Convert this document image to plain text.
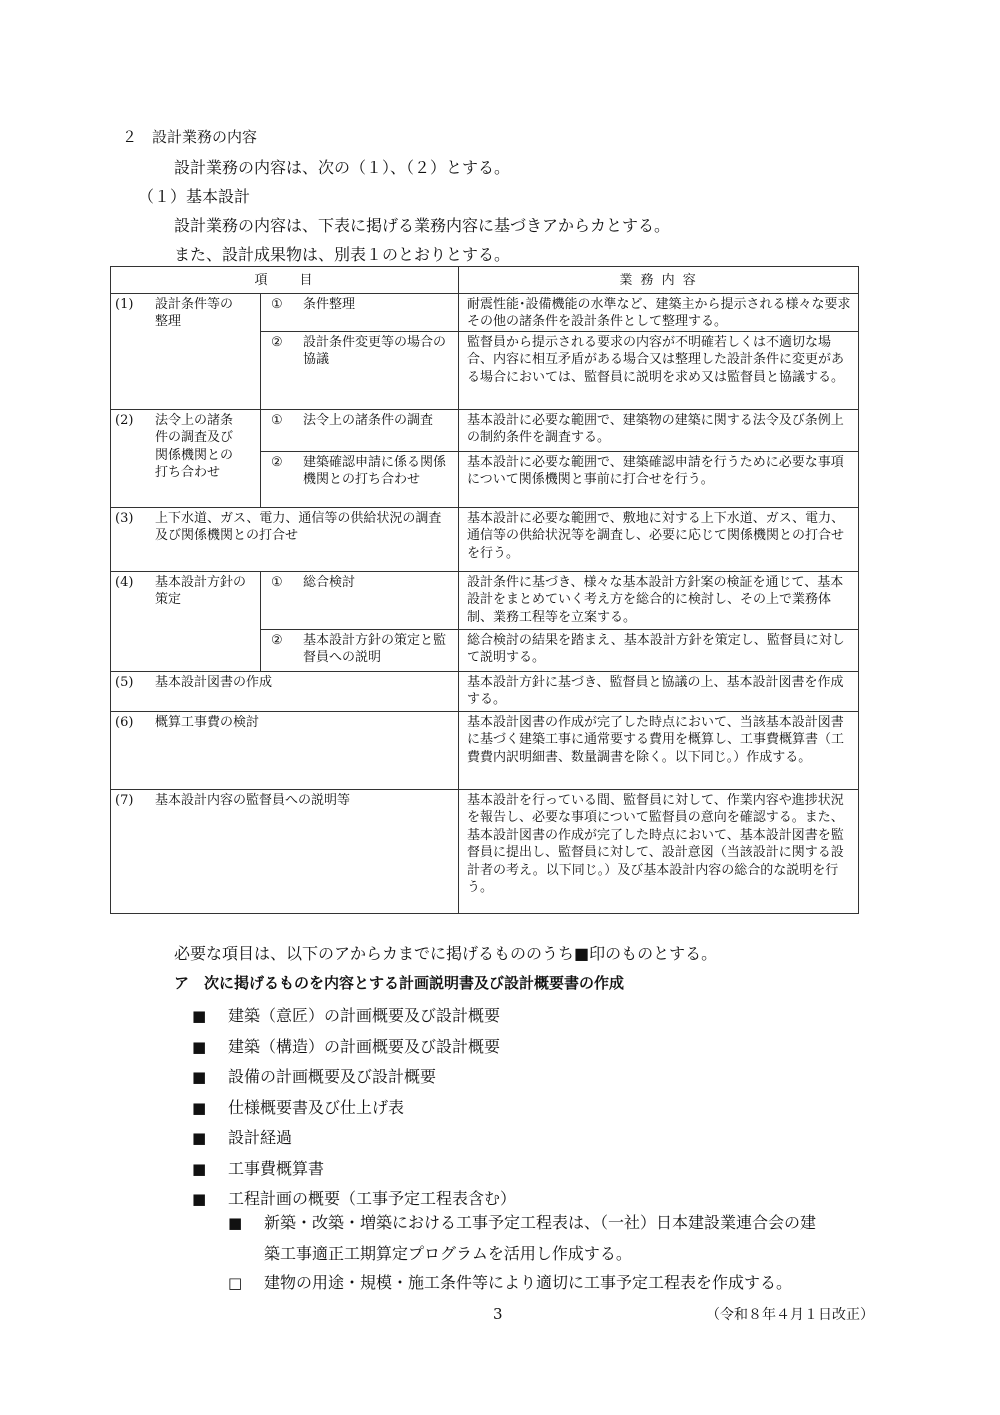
２　設計業務の内容
設計業務の内容は、次の（１）、（２）とする。
（１）基本設計
設計業務の内容は、下表に掲げる業務内容に基づきアからカとする。
また、設計成果物は、別表１のとおりとする。
項　　目		業 務 内 容

(1) 設計条件等の整理	① 条件整理	耐震性能･設備機能の水準など、建築主から提示される様々な要求その他の諸条件を設計条件として整理する。

	② 設計条件変更等の場合の協議	監督員から提示される要求の内容が不明確若しくは不適切な場合、内容に相互矛盾がある場合又は整理した設計条件に変更がある場合においては、監督員に説明を求め又は監督員と協議する。

(2) 法令上の諸条件の調査及び関係機関との打ち合わせ	① 法令上の諸条件の調査	基本設計に必要な範囲で、建築物の建築に関する法令及び条例上の制約条件を調査する。

	② 建築確認申請に係る関係機関との打ち合わせ	基本設計に必要な範囲で、建築確認申請を行うために必要な事項について関係機関と事前に打合せを行う。

(3) 上下水道、ガス、電力、通信等の供給状況の調査及び関係機関との打合せ		基本設計に必要な範囲で、敷地に対する上下水道、ガス、電力、通信等の供給状況等を調査し、必要に応じて関係機関との打合せを行う。

(4) 基本設計方針の策定	① 総合検討	設計条件に基づき、様々な基本設計方針案の検証を通じて、基本設計をまとめていく考え方を総合的に検討し、その上で業務体制、業務工程等を立案する。

	② 基本設計方針の策定と監督員への説明	総合検討の結果を踏まえ、基本設計方針を策定し、監督員に対して説明する。

(5) 基本設計図書の作成		基本設計方針に基づき、監督員と協議の上、基本設計図書を作成する。

(6) 概算工事費の検討		基本設計図書の作成が完了した時点において、当該基本設計図書に基づく建築工事に通常要する費用を概算し、工事費概算書（工費費内訳明細書、数量調書を除く。以下同じ。）作成する。

(7) 基本設計内容の監督員への説明等		基本設計を行っている間、監督員に対して、作業内容や進捗状況を報告し、必要な事項について監督員の意向を確認する。また、基本設計図書の作成が完了した時点において、基本設計図書を監督員に提出し、監督員に対して、設計意図（当該設計に関する設計者の考え。以下同じ。）及び基本設計内容の総合的な説明を行う。
必要な項目は、以下のアからカまでに掲げるもののうち■印のものとする。
ア　次に掲げるものを内容とする計画説明書及び設計概要書の作成
■	建築（意匠）の計画概要及び設計概要
■	建築（構造）の計画概要及び設計概要
■	設備の計画概要及び設計概要
■	仕様概要書及び仕上げ表
■	設計経過
■	工事費概算書
■	工程計画の概要（工事予定工程表含む）
■	新築・改築・増築における工事予定工程表は、（一社）日本建設業連合会の建
築工事適正工期算定プログラムを活用し作成する。
□	建物の用途・規模・施工条件等により適切に工事予定工程表を作成する。
3	（令和８年４月１日改正）
